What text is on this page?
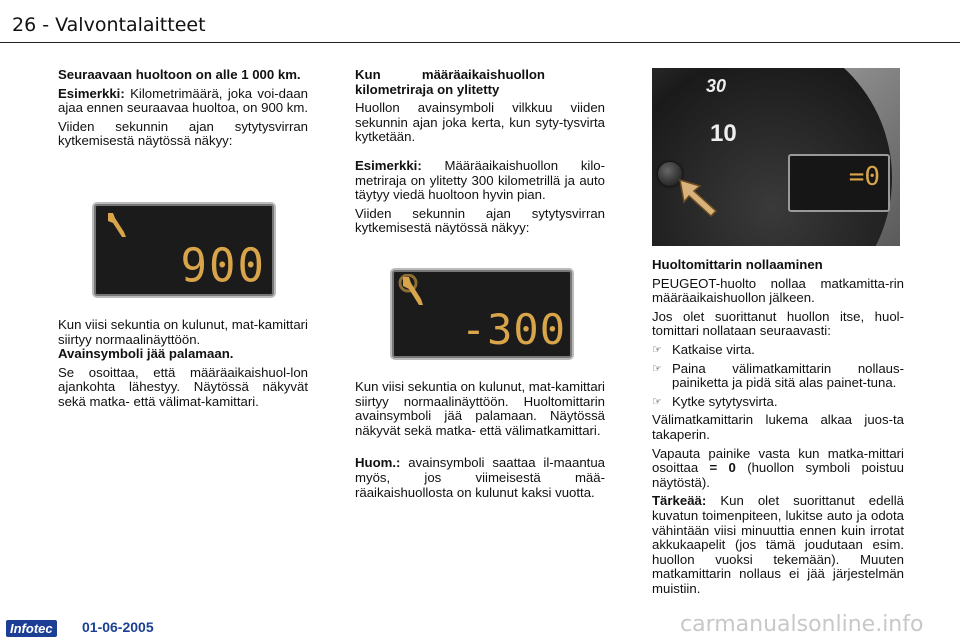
26 - Valvontalaitteet
Seuraavaan huoltoon on alle 1 000 km.

Esimerkki: Kilometrimäärä, joka voi-daan ajaa ennen seuraavaa huoltoa, on 900 km.

Viiden sekunnin ajan sytytysvirran kytkemisestä näytössä näkyy:

900

Kun viisi sekuntia on kulunut, mat-kamittari siirtyy normaalinäyttöön.
Avainsymboli jää palamaan.

Se osoittaa, että määräaikaishuol-lon ajankohta lähestyy. Näytössä näkyvät sekä matka- että välimat-kamittari.

Kun määräaikaishuollon kilometriraja on ylitetty

Huollon avainsymboli vilkkuu viiden sekunnin ajan joka kerta, kun syty-tysvirta kytketään.

Esimerkki: Määräaikaishuollon kilo-metriraja on ylitetty 300 kilometrillä ja auto täytyy viedä huoltoon hyvin pian.

Viiden sekunnin ajan sytytysvirran kytkemisestä näytössä näkyy:

-300

Kun viisi sekuntia on kulunut, mat-kamittari siirtyy normaalinäyttöön. Huoltomittarin avainsymboli jää palamaan. Näytössä näkyvät sekä matka- että välimatkamittari.

Huom.: avainsymboli saattaa il-maantua myös, jos viimeisestä mää-räaikaishuollosta on kulunut kaksi vuotta.

30
10
=0
Huoltomittarin nollaaminen

PEUGEOT-huolto nollaa matkamitta-rin määräaikaishuollon jälkeen.

Jos olet suorittanut huollon itse, huol-tomittari nollataan seuraavasti:

☞ Katkaise virta.
☞ Paina välimatkamittarin nollaus-painiketta ja pidä sitä alas painet-tuna.
☞ Kytke sytytysvirta.

Välimatkamittarin lukema alkaa juos-ta takaperin.

Vapauta painike vasta kun matka-mittari osoittaa = 0 (huollon symboli poistuu näytöstä).

Tärkeää: Kun olet suorittanut edellä kuvatun toimenpiteen, lukitse auto ja odota vähintään viisi minuuttia ennen kuin irrotat akkukaapelit (jos tämä joudutaan esim. huollon vuoksi tekemään). Muuten matkamittarin nollaus ei jää järjestelmän muistiin.

Infotec 01-06-2005	carmanualsonline.info
